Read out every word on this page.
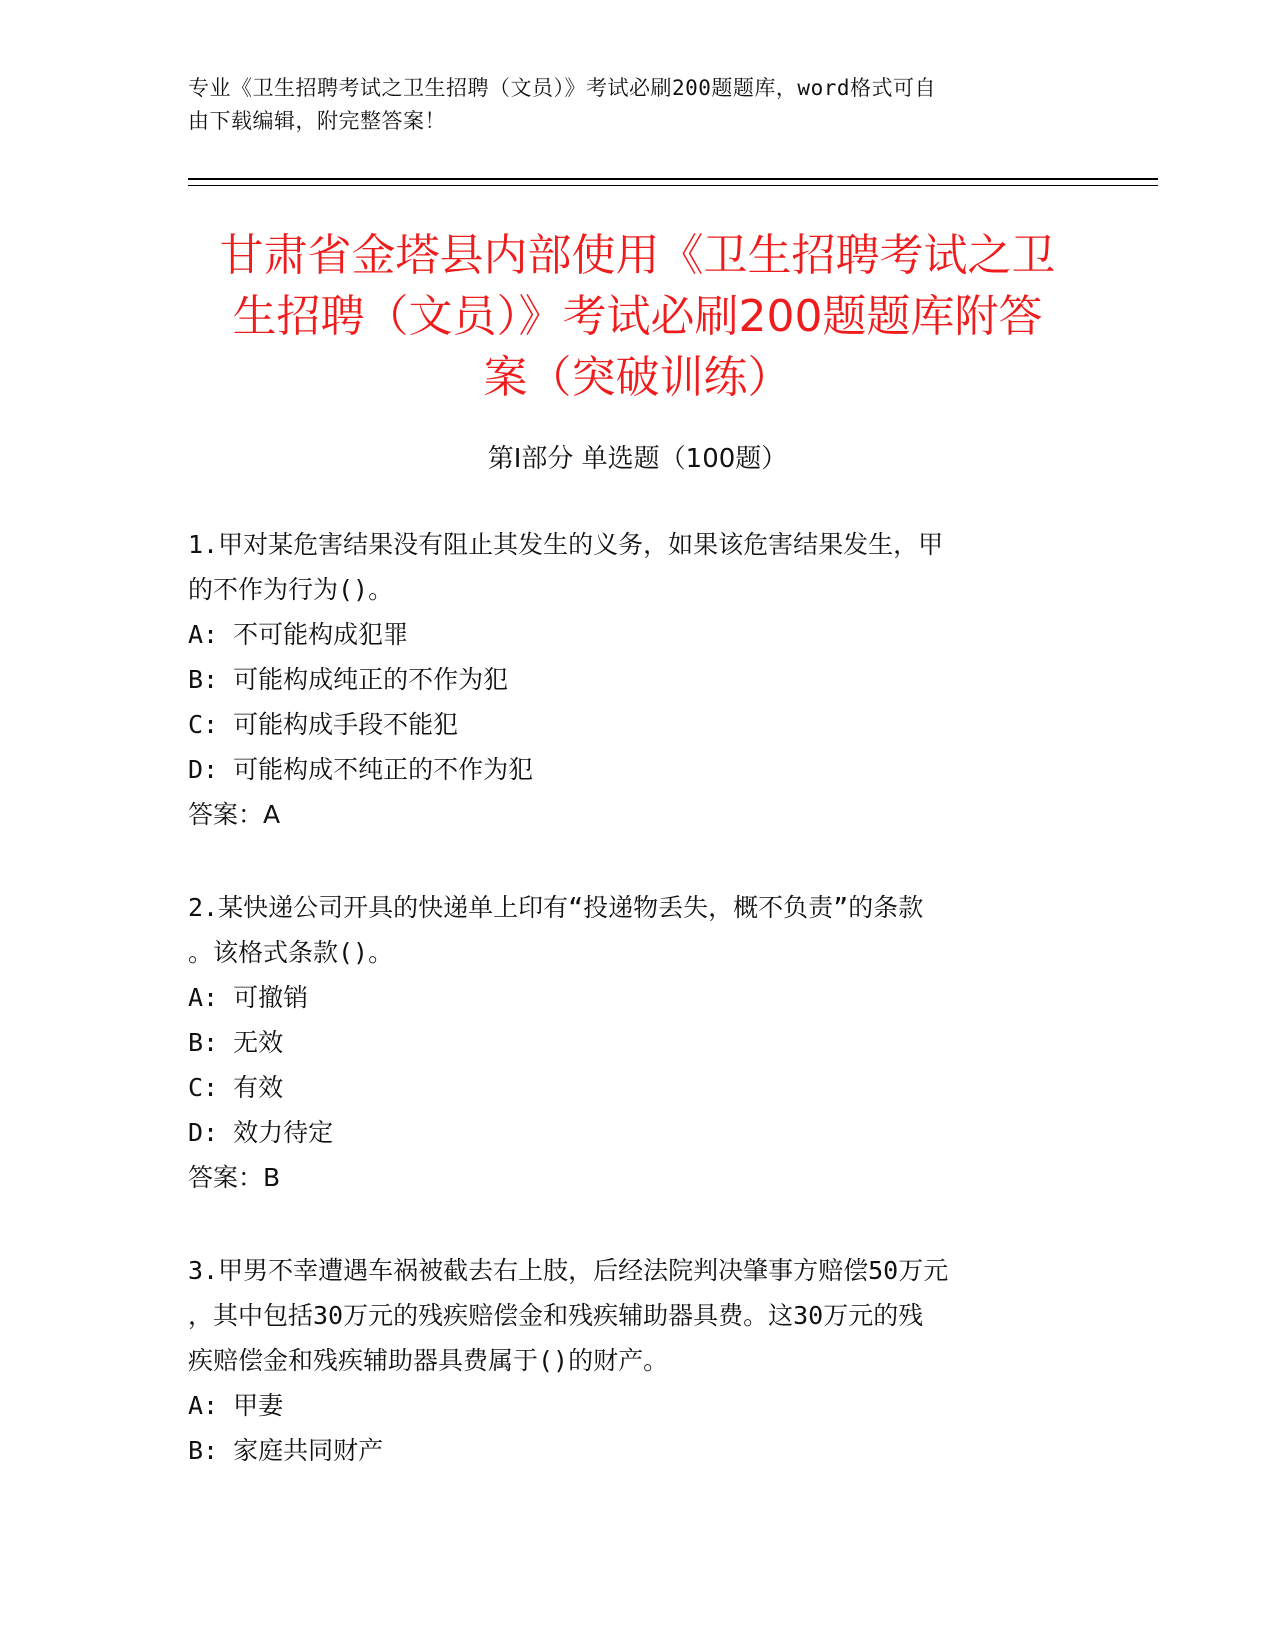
专业《卫生招聘考试之卫生招聘（文员）》考试必刷200题题库，word格式可自
由下载编辑，附完整答案！
甘肃省金塔县内部使用《卫生招聘考试之卫
生招聘（文员）》考试必刷200题题库附答
案（突破训练）
第I部分 单选题（100题）
1.甲对某危害结果没有阻止其发生的义务，如果该危害结果发生，甲
的不作为行为()。
A: 不可能构成犯罪
B: 可能构成纯正的不作为犯
C: 可能构成手段不能犯
D: 可能构成不纯正的不作为犯
答案：A
2.某快递公司开具的快递单上印有“投递物丢失，概不负责”的条款
。该格式条款()。
A: 可撤销
B: 无效
C: 有效
D: 效力待定
答案：B
3.甲男不幸遭遇车祸被截去右上肢，后经法院判决肇事方赔偿50万元
，其中包括30万元的残疾赔偿金和残疾辅助器具费。这30万元的残
疾赔偿金和残疾辅助器具费属于()的财产。
A: 甲妻
B: 家庭共同财产
